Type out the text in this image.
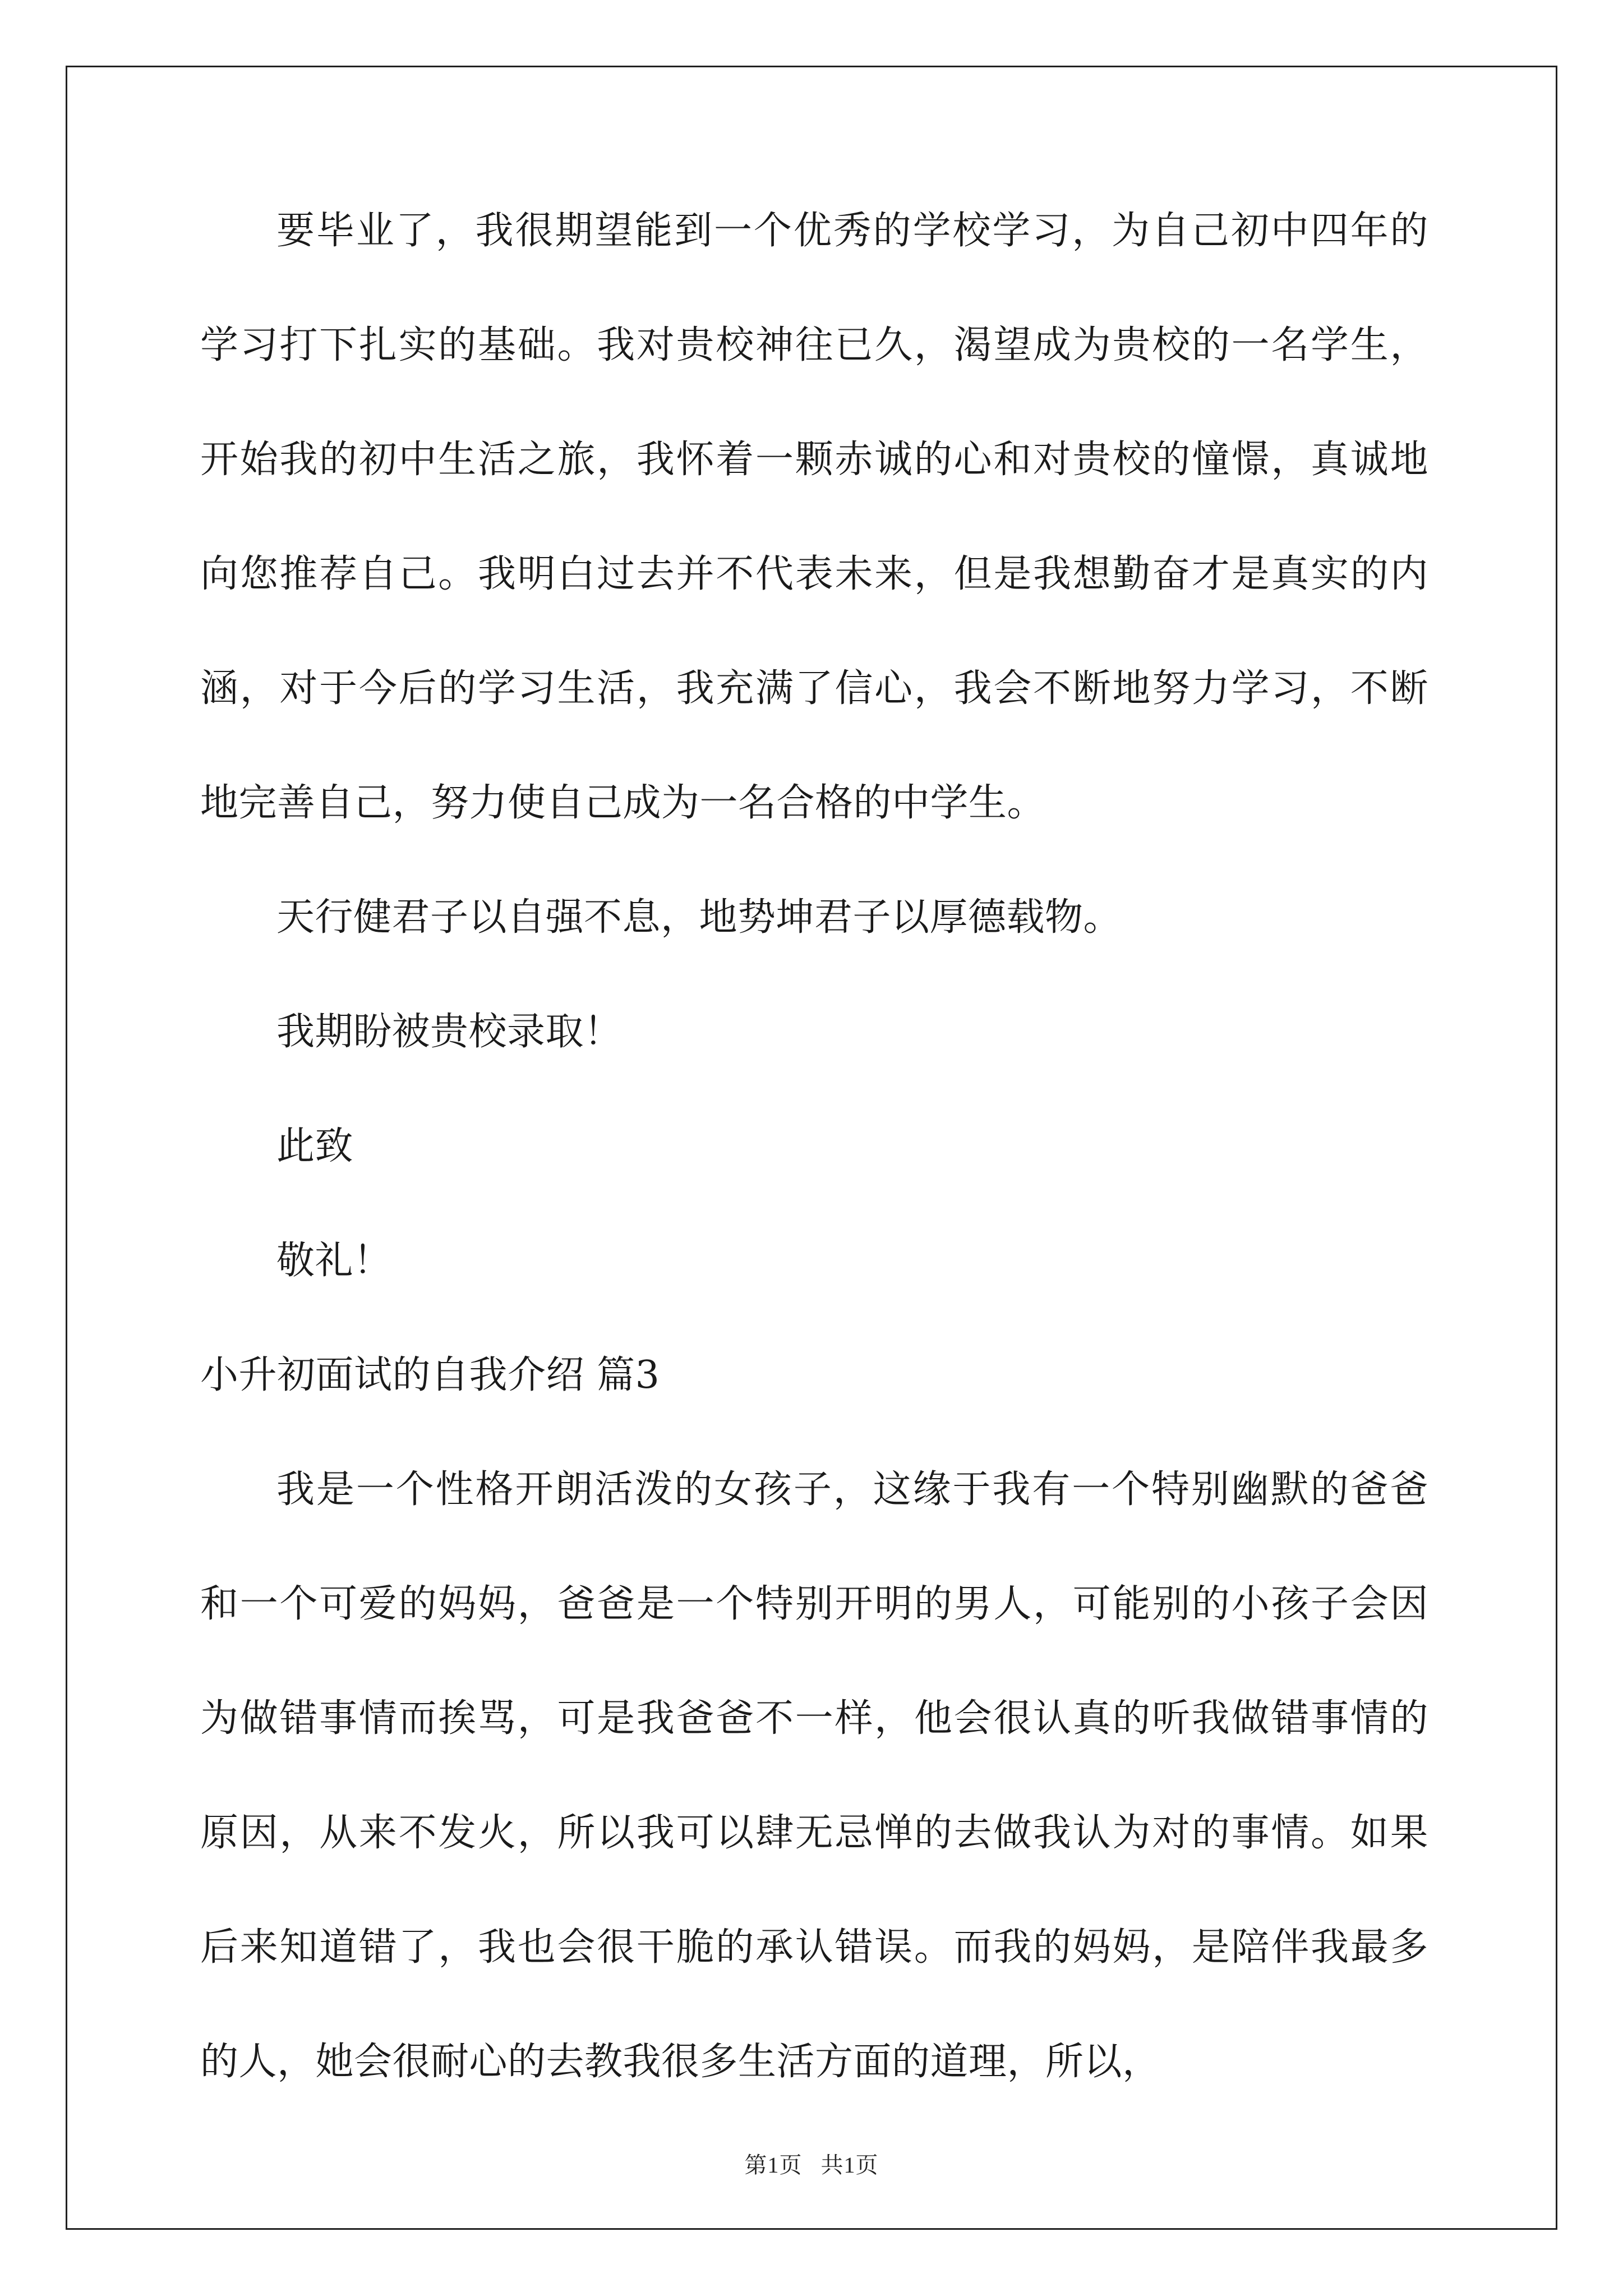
要毕业了，我很期望能到一个优秀的学校学习，为自己初中四年的学习打下扎实的基础。我对贵校神往已久，渴望成为贵校的一名学生，开始我的初中生活之旅，我怀着一颗赤诚的心和对贵校的憧憬，真诚地向您推荐自己。我明白过去并不代表未来，但是我想勤奋才是真实的内涵，对于今后的学习生活，我充满了信心，我会不断地努力学习，不断地完善自己，努力使自己成为一名合格的中学生。

天行健君子以自强不息，地势坤君子以厚德载物。

我期盼被贵校录取！

此致

敬礼！

小升初面试的自我介绍 篇3

我是一个性格开朗活泼的女孩子，这缘于我有一个特别幽默的爸爸和一个可爱的妈妈，爸爸是一个特别开明的男人，可能别的小孩子会因为做错事情而挨骂，可是我爸爸不一样，他会很认真的听我做错事情的原因，从来不发火，所以我可以肆无忌惮的去做我认为对的事情。如果后来知道错了，我也会很干脆的承认错误。而我的妈妈，是陪伴我最多的人，她会很耐心的去教我很多生活方面的道理，所以，

第1页   共1页
